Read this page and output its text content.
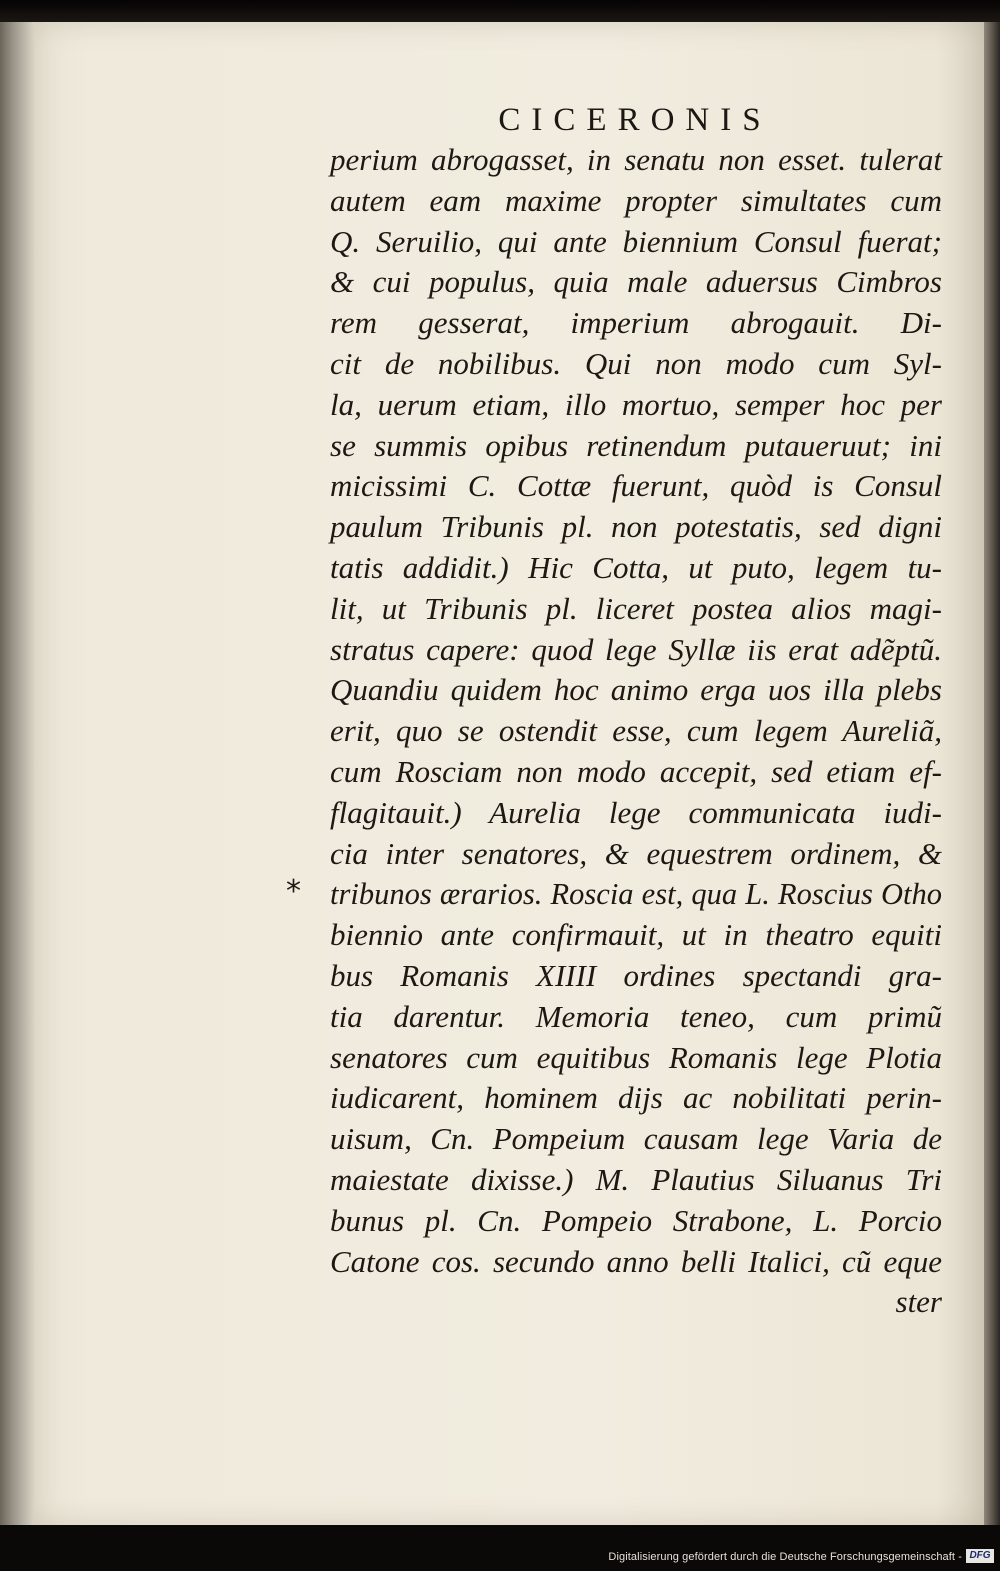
CICERONIS
perium abrogasset, in senatu non esset. tulerat
autem eam maxime propter simultates cum
Q. Seruilio, qui ante biennium Consul fuerat;
& cui populus, quia male aduersus Cimbros
rem gesserat, imperium abrogauit. Di-
cit de nobilibus. Qui non modo cum Syl-
la, uerum etiam, illo mortuo, semper hoc per
se summis opibus retinendum putaueruut; ini
micissimi C. Cottæ fuerunt, quòd is Consul
paulum Tribunis pl. non potestatis, sed digni
tatis addidit.) Hic Cotta, ut puto, legem tu-
lit, ut Tribunis pl. liceret postea alios magi-
stratus capere: quod lege Syllæ iis erat adẽptũ.
Quandiu quidem hoc animo erga uos illa plebs
erit, quo se ostendit esse, cum legem Aureliã,
cum Rosciam non modo accepit, sed etiam ef-
flagitauit.) Aurelia lege communicata iudi-
cia inter senatores, & equestrem ordinem, &
tribunos ærarios. Roscia est, qua L. Roscius Otho
biennio ante confirmauit, ut in theatro equiti
bus Romanis XIIII ordines spectandi gra-
tia darentur. Memoria teneo, cum primũ
senatores cum equitibus Romanis lege Plotia
iudicarent, hominem dijs ac nobilitati perin-
uisum, Cn. Pompeium causam lege Varia de
maiestate dixisse.) M. Plautius Siluanus Tri
bunus pl. Cn. Pompeio Strabone, L. Porcio
Catone cos. secundo anno belli Italici, cũ eque
ster
*
Digitalisierung gefördert durch die Deutsche Forschungsgemeinschaft - DFG
